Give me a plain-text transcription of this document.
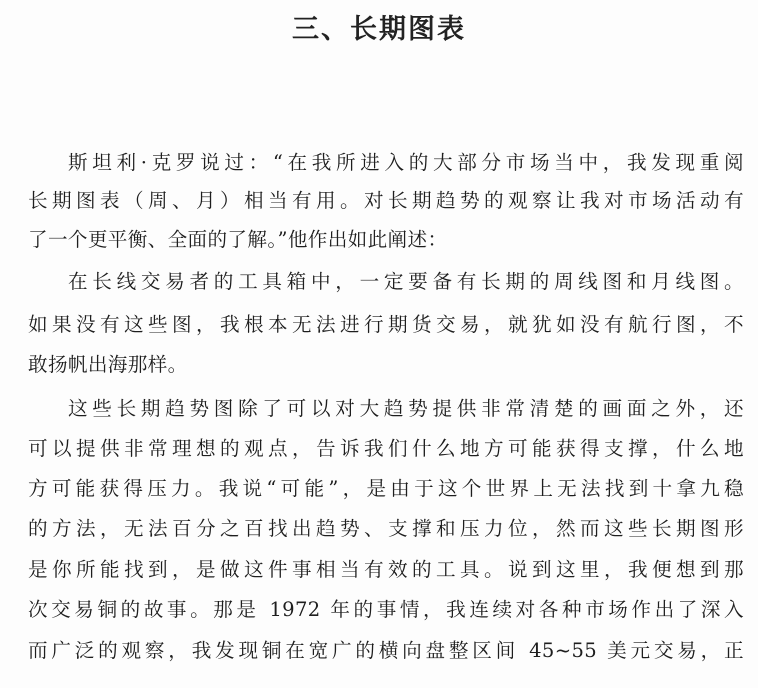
三、长期图表
斯坦利·克罗说过：“在我所进入的大部分市场当中，我发现重阅
长期图表（周、月）相当有用。对长期趋势的观察让我对市场活动有
了一个更平衡、全面的了解。”他作出如此阐述：
在长线交易者的工具箱中，一定要备有长期的周线图和月线图。
如果没有这些图，我根本无法进行期货交易，就犹如没有航行图，不
敢扬帆出海那样。
这些长期趋势图除了可以对大趋势提供非常清楚的画面之外，还
可以提供非常理想的观点，告诉我们什么地方可能获得支撑，什么地
方可能获得压力。我说“可能”，是由于这个世界上无法找到十拿九稳
的方法，无法百分之百找出趋势、支撑和压力位，然而这些长期图形
是你所能找到，是做这件事相当有效的工具。说到这里，我便想到那
次交易铜的故事。那是 1972 年的事情，我连续对各种市场作出了深入
而广泛的观察，我发现铜在宽广的横向盘整区间 45~55 美元交易，正
